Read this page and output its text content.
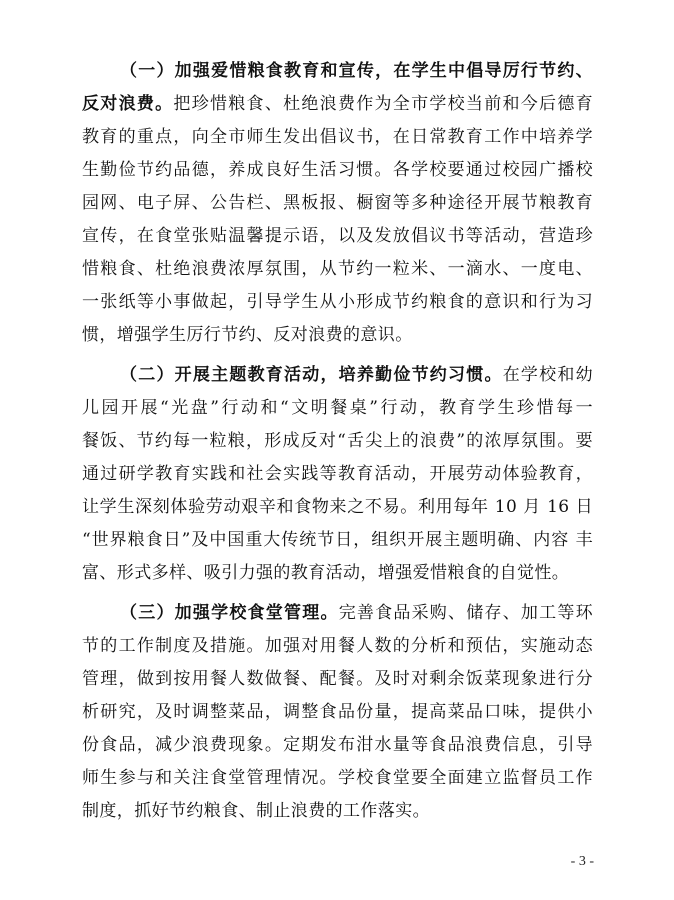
（一）加强爱惜粮食教育和宣传，在学生中倡导厉行节约、
反对浪费。把珍惜粮食、杜绝浪费作为全市学校当前和今后德育
教育的重点，向全市师生发出倡议书，在日常教育工作中培养学
生勤俭节约品德，养成良好生活习惯。各学校要通过校园广播校
园网、电子屏、公告栏、黑板报、橱窗等多种途径开展节粮教育
宣传，在食堂张贴温馨提示语，以及发放倡议书等活动，营造珍
惜粮食、杜绝浪费浓厚氛围，从节约一粒米、一滴水、一度电、
一张纸等小事做起，引导学生从小形成节约粮食的意识和行为习
惯，增强学生厉行节约、反对浪费的意识。
（二）开展主题教育活动，培养勤俭节约习惯。在学校和幼
儿园开展“光盘”行动和“文明餐桌”行动，教育学生珍惜每一
餐饭、节约每一粒粮，形成反对“舌尖上的浪费”的浓厚氛围。要
通过研学教育实践和社会实践等教育活动，开展劳动体验教育，
让学生深刻体验劳动艰辛和食物来之不易。利用每年 10 月 16 日
“世界粮食日”及中国重大传统节日，组织开展主题明确、内容 丰
富、形式多样、吸引力强的教育活动，增强爱惜粮食的自觉性。
（三）加强学校食堂管理。完善食品采购、储存、加工等环
节的工作制度及措施。加强对用餐人数的分析和预估，实施动态
管理，做到按用餐人数做餐、配餐。及时对剩余饭菜现象进行分
析研究，及时调整菜品，调整食品份量，提高菜品口味，提供小
份食品，减少浪费现象。定期发布泔水量等食品浪费信息，引导
师生参与和关注食堂管理情况。学校食堂要全面建立监督员工作
制度，抓好节约粮食、制止浪费的工作落实。
- 3 -
